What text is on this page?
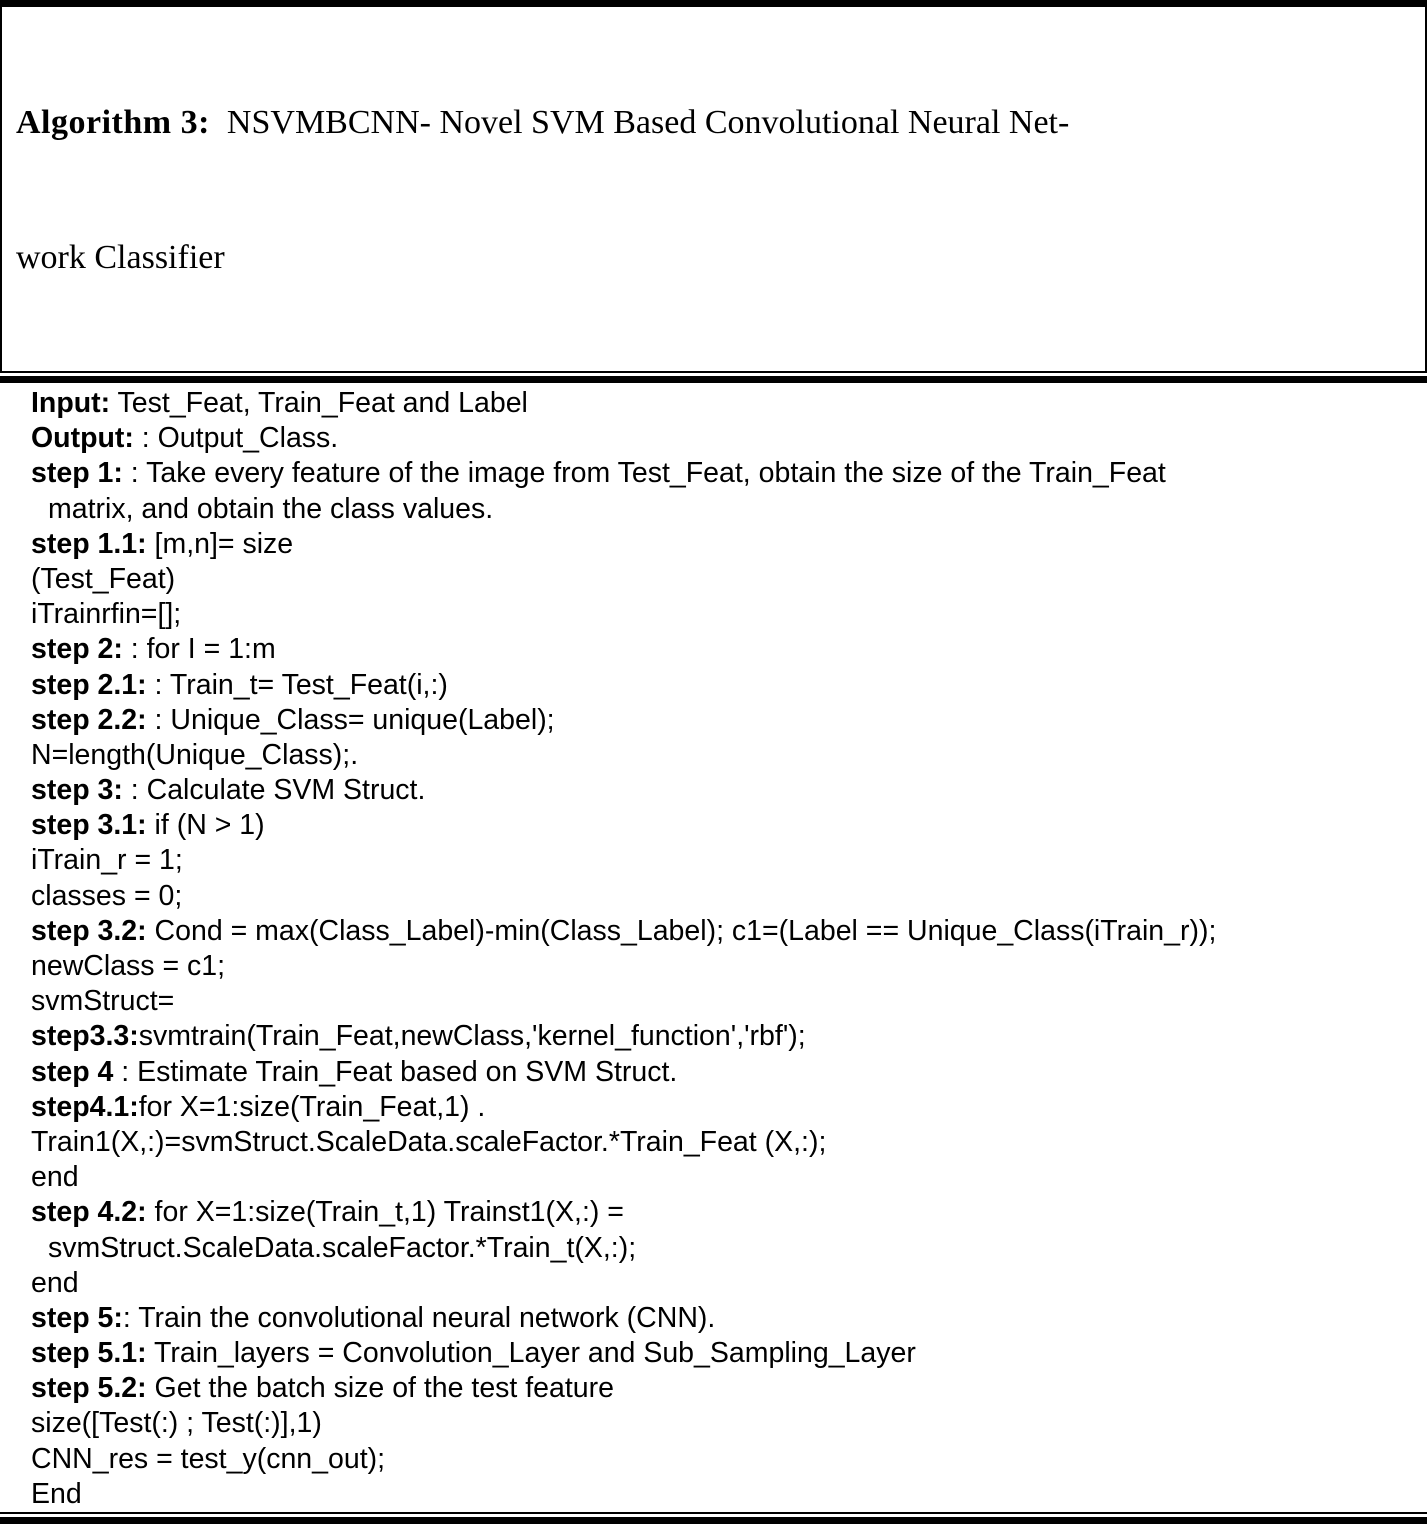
Algorithm 3:  NSVMBCNN- Novel SVM Based Convolutional Neural Net-

work Classifier

Input: Test_Feat, Train_Feat and Label
Output: : Output_Class.
step 1: : Take every feature of the image from Test_Feat, obtain the size of the Train_Feat
matrix, and obtain the class values.
step 1.1: [m,n]= size
(Test_Feat)
iTrainrfin=[];
step 2: : for I = 1:m
step 2.1: : Train_t= Test_Feat(i,:)
step 2.2: : Unique_Class= unique(Label);
N=length(Unique_Class);.
step 3: : Calculate SVM Struct.
step 3.1: if (N > 1)
iTrain_r = 1;
classes = 0;
step 3.2: Cond = max(Class_Label)-min(Class_Label); c1=(Label == Unique_Class(iTrain_r));
newClass = c1;
svmStruct=
step3.3:svmtrain(Train_Feat,newClass,'kernel_function','rbf');
step 4 : Estimate Train_Feat based on SVM Struct.
step4.1:for X=1:size(Train_Feat,1) .
Train1(X,:)=svmStruct.ScaleData.scaleFactor.*Train_Feat (X,:);
end
step 4.2: for X=1:size(Train_t,1) Trainst1(X,:) =
svmStruct.ScaleData.scaleFactor.*Train_t(X,:);
end
step 5:: Train the convolutional neural network (CNN).
step 5.1: Train_layers = Convolution_Layer and Sub_Sampling_Layer
step 5.2: Get the batch size of the test feature
size([Test(:) ; Test(:)],1)
CNN_res = test_y(cnn_out);
End
